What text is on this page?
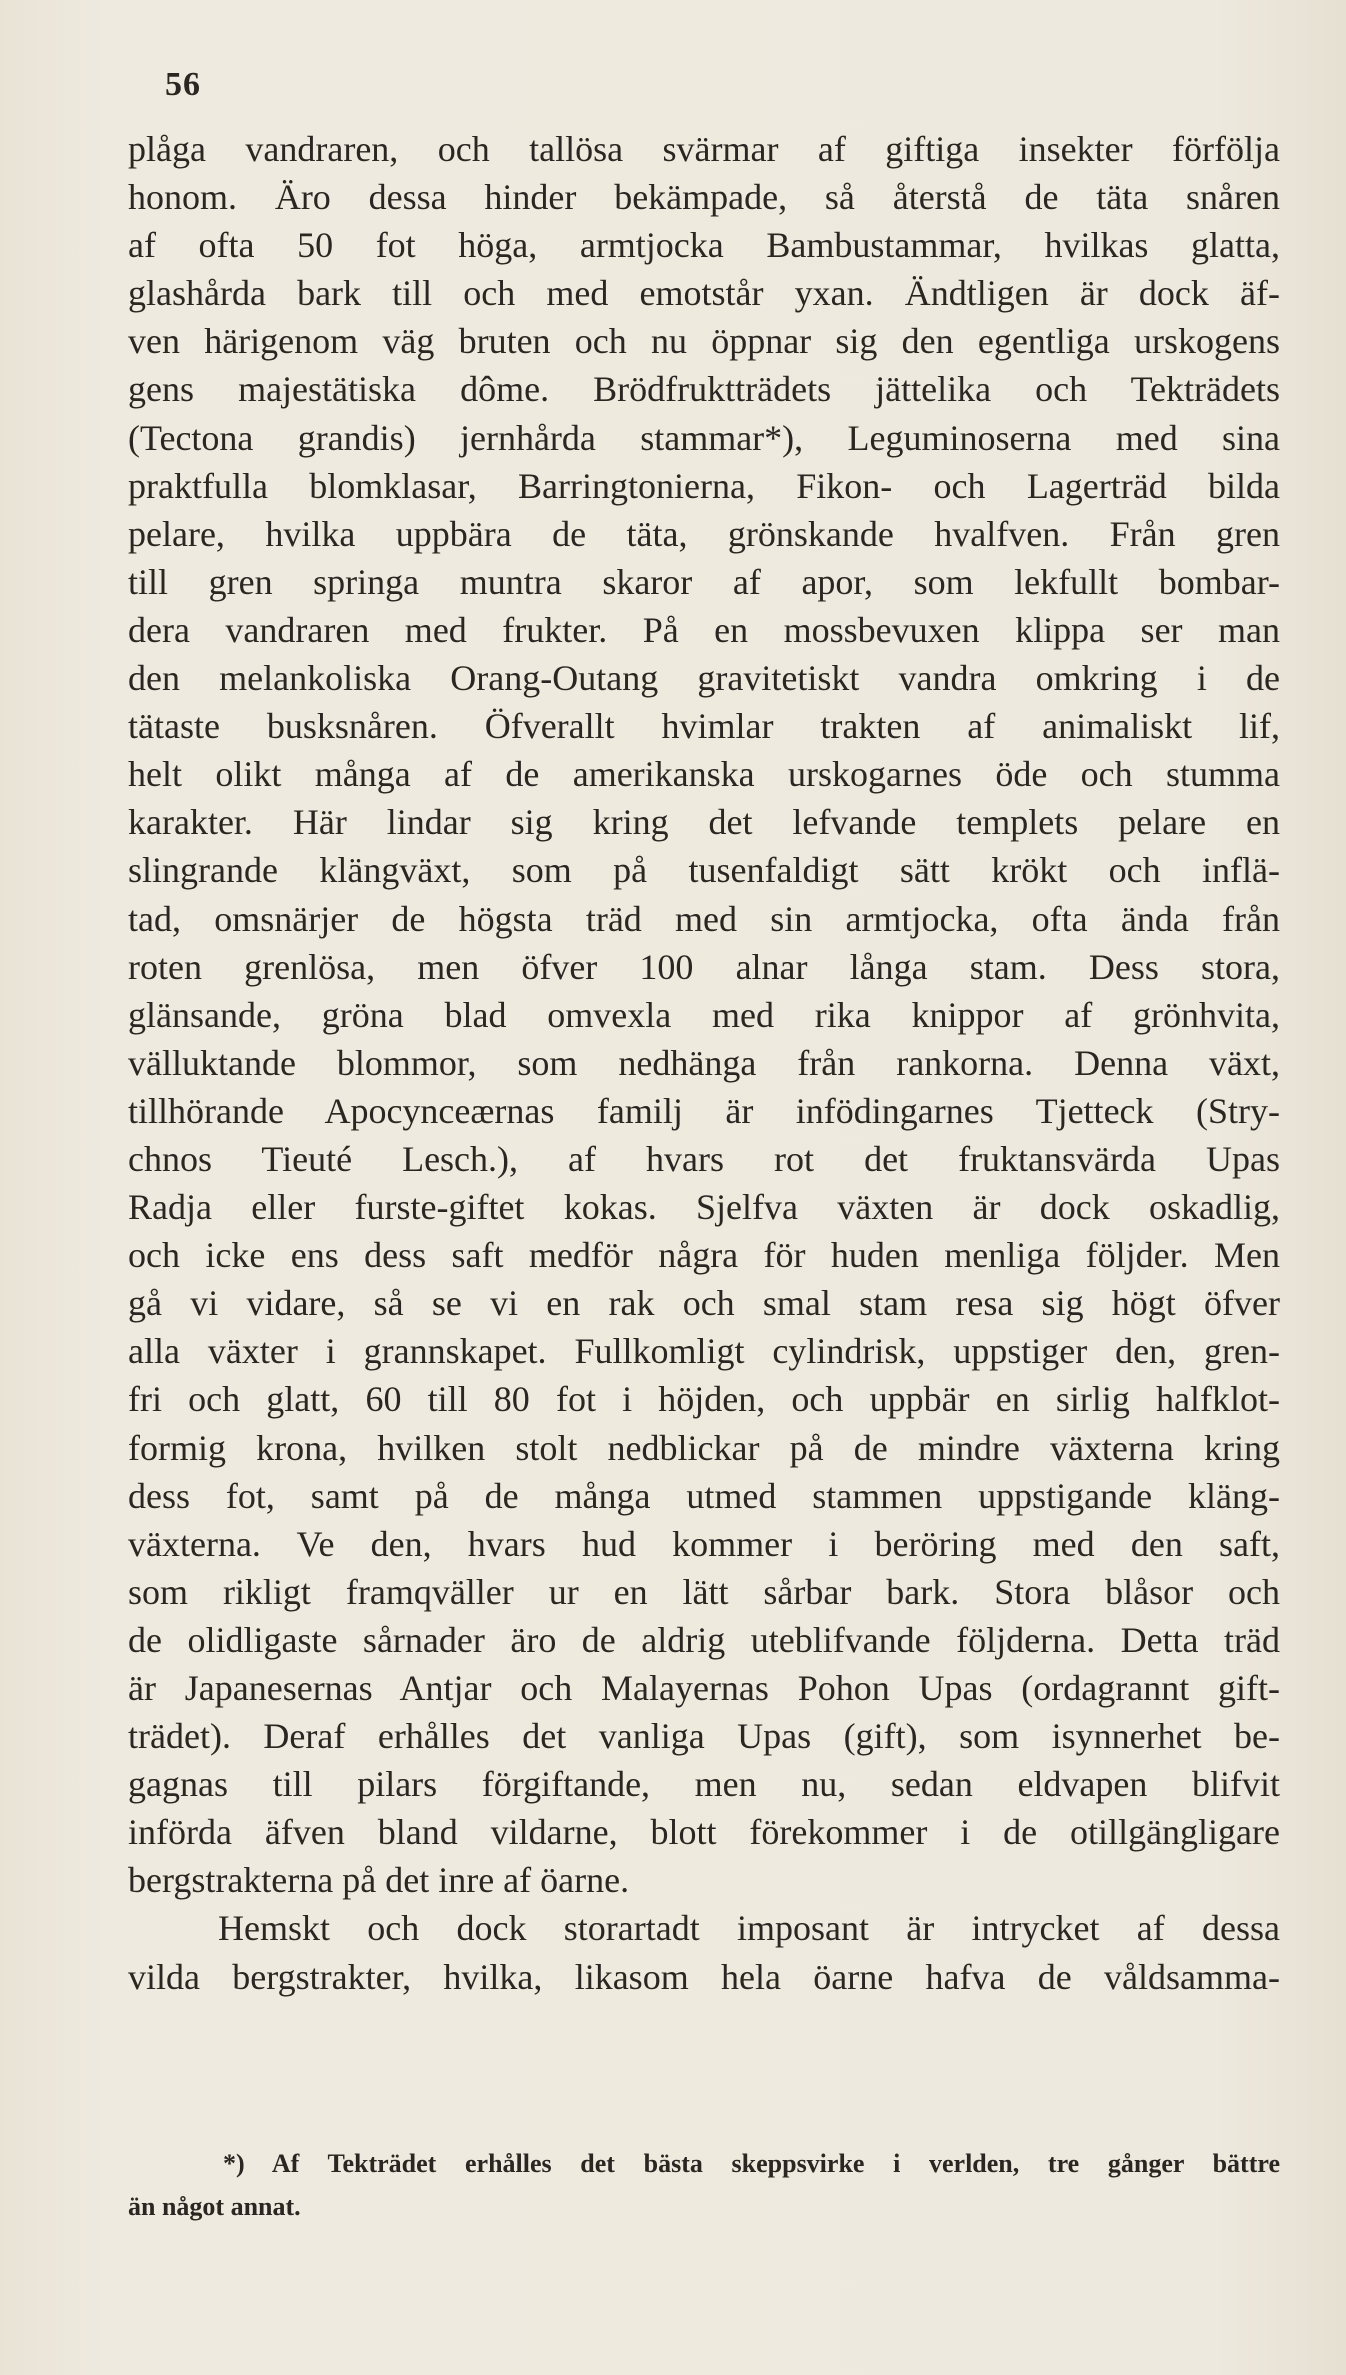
56
plåga vandraren, och tallösa svärmar af giftiga insekter förfölja
honom. Äro dessa hinder bekämpade, så återstå de täta snåren
af ofta 50 fot höga, armtjocka Bambustammar, hvilkas glatta,
glashårda bark till och med emotstår yxan. Ändtligen är dock äf-
ven härigenom väg bruten och nu öppnar sig den egentliga urskogens
gens majestätiska dôme. Brödfruktträdets jättelika och Tekträdets
(Tectona grandis) jernhårda stammar*), Leguminoserna med sina
praktfulla blomklasar, Barringtonierna, Fikon- och Lagerträd bilda
pelare, hvilka uppbära de täta, grönskande hvalfven. Från gren
till gren springa muntra skaror af apor, som lekfullt bombar-
dera vandraren med frukter. På en mossbevuxen klippa ser man
den melankoliska Orang-Outang gravitetiskt vandra omkring i de
tätaste busksnåren. Öfverallt hvimlar trakten af animaliskt lif,
helt olikt många af de amerikanska urskogarnes öde och stumma
karakter. Här lindar sig kring det lefvande templets pelare en
slingrande klängväxt, som på tusenfaldigt sätt krökt och inflä-
tad, omsnärjer de högsta träd med sin armtjocka, ofta ända från
roten grenlösa, men öfver 100 alnar långa stam. Dess stora,
glänsande, gröna blad omvexla med rika knippor af grönhvita,
välluktande blommor, som nedhänga från rankorna. Denna växt,
tillhörande Apocynceærnas familj är infödingarnes Tjetteck (Stry-
chnos Tieuté Lesch.), af hvars rot det fruktansvärda Upas
Radja eller furste-giftet kokas. Sjelfva växten är dock oskadlig,
och icke ens dess saft medför några för huden menliga följder. Men
gå vi vidare, så se vi en rak och smal stam resa sig högt öfver
alla växter i grannskapet. Fullkomligt cylindrisk, uppstiger den, gren-
fri och glatt, 60 till 80 fot i höjden, och uppbär en sirlig halfklot-
formig krona, hvilken stolt nedblickar på de mindre växterna kring
dess fot, samt på de många utmed stammen uppstigande kläng-
växterna. Ve den, hvars hud kommer i beröring med den saft,
som rikligt framqväller ur en lätt sårbar bark. Stora blåsor och
de olidligaste sårnader äro de aldrig uteblifvande följderna. Detta träd
är Japanesernas Antjar och Malayernas Pohon Upas (ordagrannt gift-
trädet). Deraf erhålles det vanliga Upas (gift), som isynnerhet be-
gagnas till pilars förgiftande, men nu, sedan eldvapen blifvit
införda äfven bland vildarne, blott förekommer i de otillgängligare
bergstrakterna på det inre af öarne.
Hemskt och dock storartadt imposant är intrycket af dessa
vilda bergstrakter, hvilka, likasom hela öarne hafva de våldsamma-
*) Af Tekträdet erhålles det bästa skeppsvirke i verlden, tre gånger bättre
än något annat.
